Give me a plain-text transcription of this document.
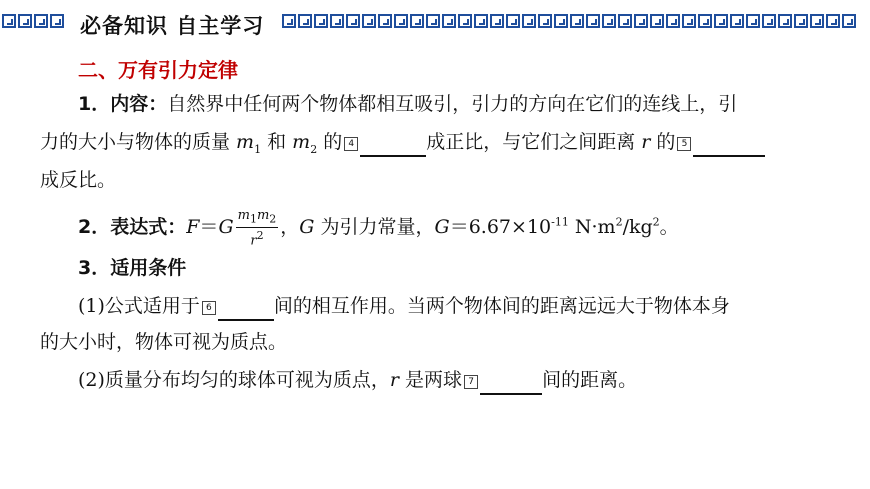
必备知识 自主学习
二、万有引力定律
1．内容：自然界中任何两个物体都相互吸引，引力的方向在它们的连线上，引
力的大小与物体的质量 $m_1$ 和 $m_2$ 的 4	成正比，与它们之间距离 r 的 5
成反比。
2．表达式：$F=G \frac{m_1m_2}{r^2}$ ，G 为引力常量，$G=6.67\times 10^{-11}$ $N\cdot m^2/kg^2$。
3．适用条件
(1)公式适用于 6	间的相互作用。当两个物体间的距离远远大于物体本身
的大小时，物体可视为质点。
(2)质量分布均匀的球体可视为质点，r 是两球 7	间的距离。
